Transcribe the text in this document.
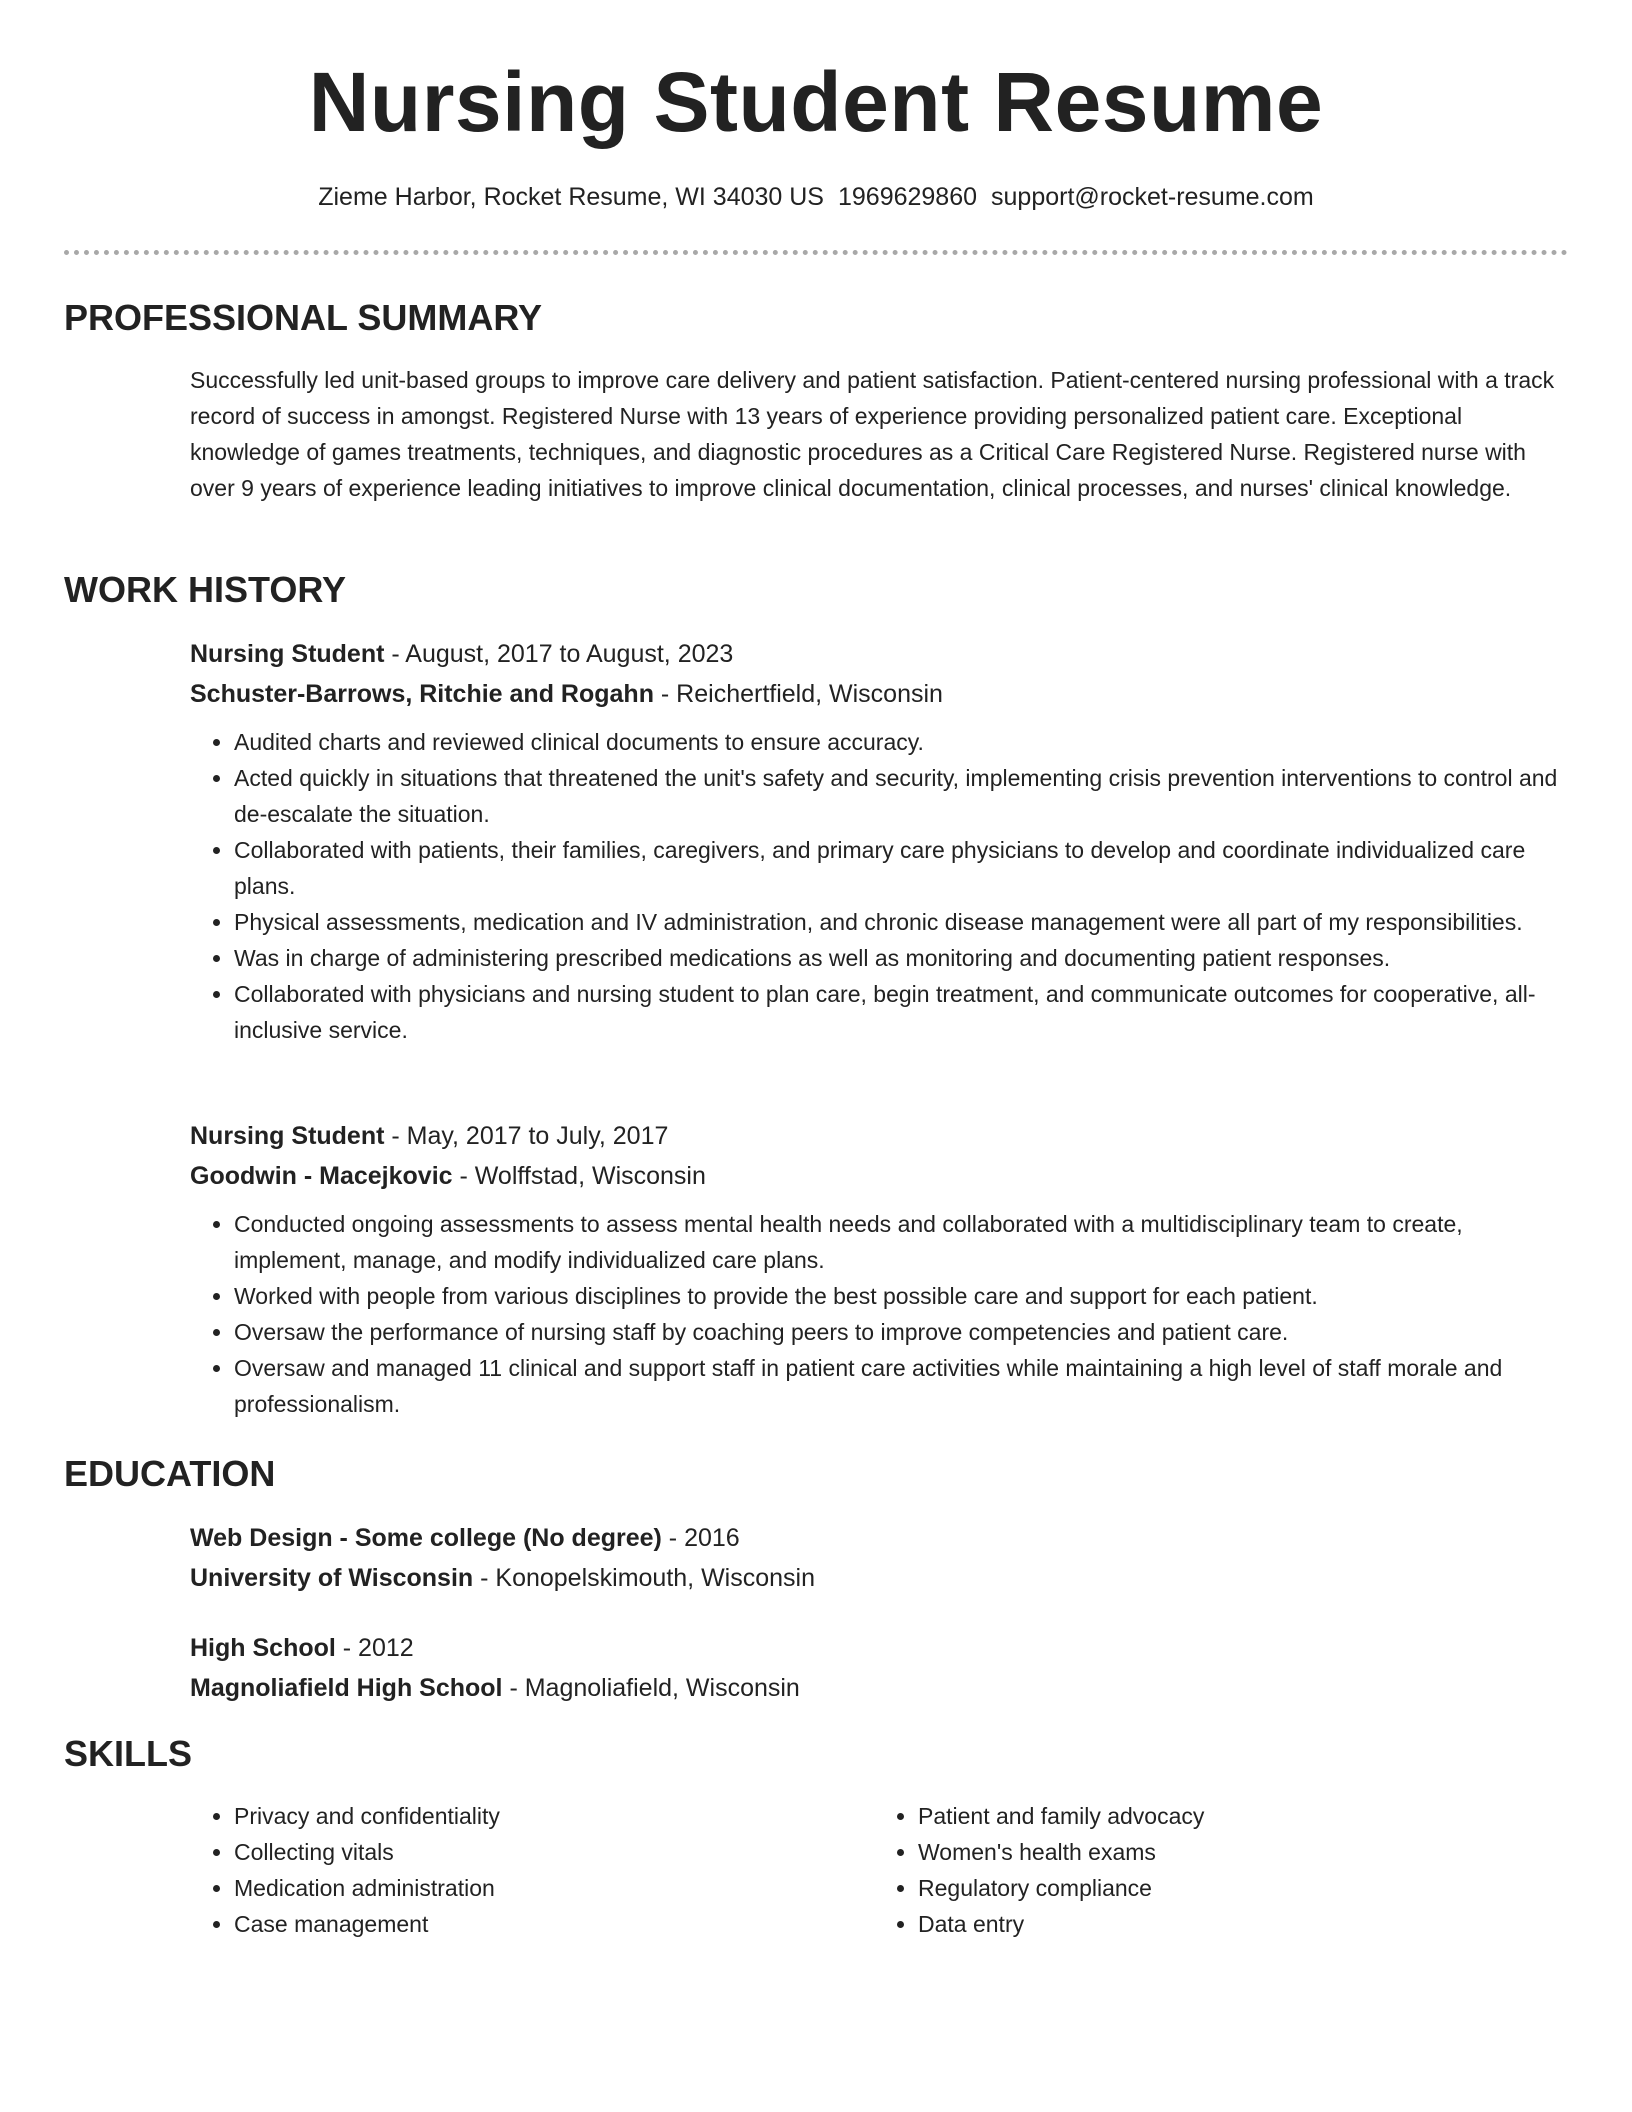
Nursing Student Resume
Zieme Harbor, Rocket Resume, WI 34030 US 1969629860 support@rocket-resume.com
PROFESSIONAL SUMMARY

Successfully led unit-based groups to improve care delivery and patient satisfaction. Patient-centered nursing professional with a track record of success in amongst. Registered Nurse with 13 years of experience providing personalized patient care. Exceptional knowledge of games treatments, techniques, and diagnostic procedures as a Critical Care Registered Nurse. Registered nurse with over 9 years of experience leading initiatives to improve clinical documentation, clinical processes, and nurses' clinical knowledge.

WORK HISTORY

Nursing Student - August, 2017 to August, 2023

Schuster-Barrows, Ritchie and Rogahn - Reichertfield, Wisconsin

• Audited charts and reviewed clinical documents to ensure accuracy.
• Acted quickly in situations that threatened the unit's safety and security, implementing crisis prevention interventions to control and de-escalate the situation.
• Collaborated with patients, their families, caregivers, and primary care physicians to develop and coordinate individualized care plans.
• Physical assessments, medication and IV administration, and chronic disease management were all part of my responsibilities.
• Was in charge of administering prescribed medications as well as monitoring and documenting patient responses.
• Collaborated with physicians and nursing student to plan care, begin treatment, and communicate outcomes for cooperative, all-inclusive service.

Nursing Student - May, 2017 to July, 2017

Goodwin - Macejkovic - Wolffstad, Wisconsin

• Conducted ongoing assessments to assess mental health needs and collaborated with a multidisciplinary team to create, implement, manage, and modify individualized care plans.
• Worked with people from various disciplines to provide the best possible care and support for each patient.
• Oversaw the performance of nursing staff by coaching peers to improve competencies and patient care.
• Oversaw and managed 11 clinical and support staff in patient care activities while maintaining a high level of staff morale and professionalism.
EDUCATION

Web Design - Some college (No degree) - 2016

University of Wisconsin - Konopelskimouth, Wisconsin

High School - 2012

Magnoliafield High School - Magnoliafield, Wisconsin

SKILLS
• Privacy and confidentiality
• Collecting vitals
• Medication administration
• Case management
• Patient and family advocacy
• Women's health exams
• Regulatory compliance
• Data entry
